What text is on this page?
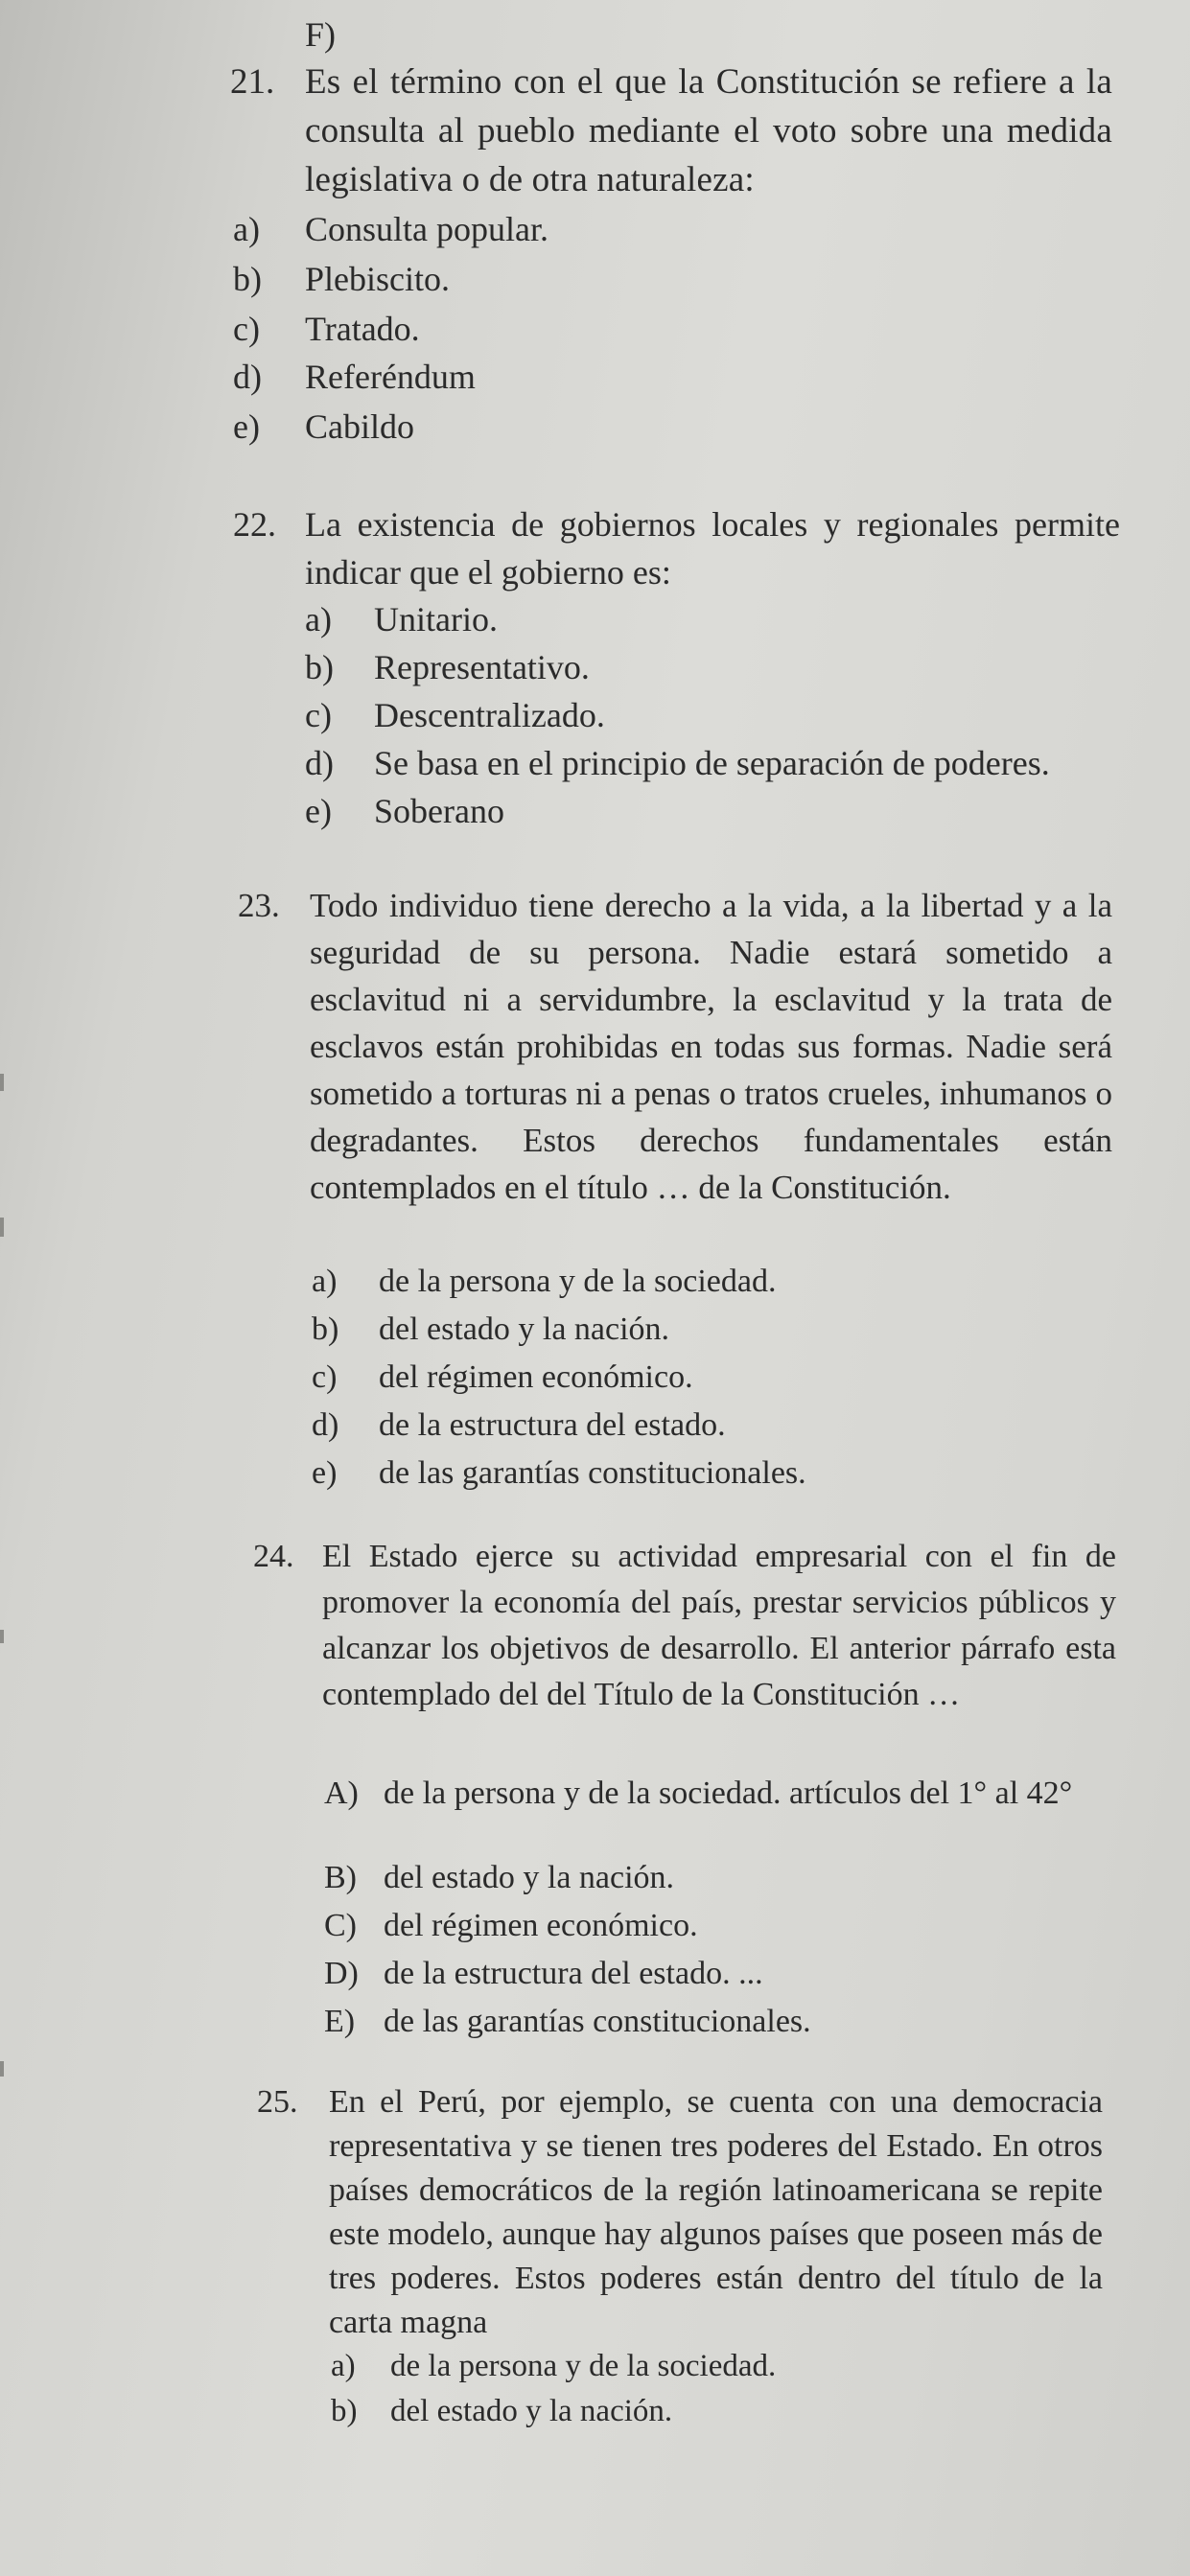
F)
21. Es el término con el que la Constitución se refiere a la consulta al pueblo mediante el voto sobre una medida legislativa o de otra naturaleza:
a) Consulta popular.
b) Plebiscito.
c) Tratado.
d) Referéndum
e) Cabildo
22. La existencia de gobiernos locales y regionales permite indicar que el gobierno es:
a) Unitario.
b) Representativo.
c) Descentralizado.
d) Se basa en el principio de separación de poderes.
e) Soberano
23. Todo individuo tiene derecho a la vida, a la libertad y a la seguridad de su persona. Nadie estará sometido a esclavitud ni a servidumbre, la esclavitud y la trata de esclavos están prohibidas en todas sus formas. Nadie será sometido a torturas ni a penas o tratos crueles, inhumanos o degradantes. Estos derechos fundamentales están contemplados en el título … de la Constitución.
a) de la persona y de la sociedad.
b) del estado y la nación.
c) del régimen económico.
d) de la estructura del estado.
e) de las garantías constitucionales.
24. El Estado ejerce su actividad empresarial con el fin de promover la economía del país, prestar servicios públicos y alcanzar los objetivos de desarrollo. El anterior párrafo esta contemplado del del Título de la Constitución …
A) de la persona y de la sociedad. artículos del 1° al 42°
B) del estado y la nación.
C) del régimen económico.
D) de la estructura del estado. ...
E) de las garantías constitucionales.
25. En el Perú, por ejemplo, se cuenta con una democracia representativa y se tienen tres poderes del Estado. En otros países democráticos de la región latinoamericana se repite este modelo, aunque hay algunos países que poseen más de tres poderes. Estos poderes están dentro del título de la carta magna
a) de la persona y de la sociedad.
b) del estado y la nación.
